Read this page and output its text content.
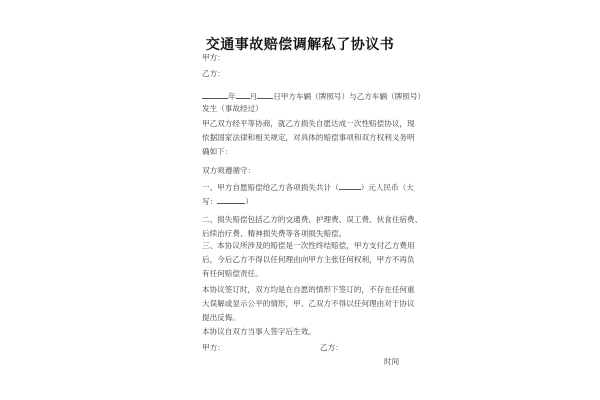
交通事故赔偿调解私了协议书
甲方：
乙方：
年 月 日甲方车辆（牌照号）与乙方车辆（牌照号）
发生（事故经过）
甲乙双方经平等协商，就乙方损失自愿达成一次性赔偿协议，现
依据国家法律和相关规定，对具体的赔偿事项和双方权利义务明
确如下：
双方须遵循守：
一、甲方自愿赔偿给乙方各项损失共计（	）元人民币（大
写：	）
二、损失赔偿包括乙方的交通费、护理费、误工费、伙食住宿费、
后续治疗费、精神损失费等各项损失赔偿。
三、本协议所涉及的赔偿是一次性终结赔偿，甲方支付乙方费用
后，今后乙方不得以任何理由向甲方主张任何权利，甲方不再负
有任何赔偿责任。
本协议签订时，双方均是在自愿的情形下签订的，不存在任何重
大误解或显示公平的情形，甲、乙双方不得以任何理由对于协议
提出反悔。
本协议自双方当事人签字后生效。
甲方：	乙方：
时间
